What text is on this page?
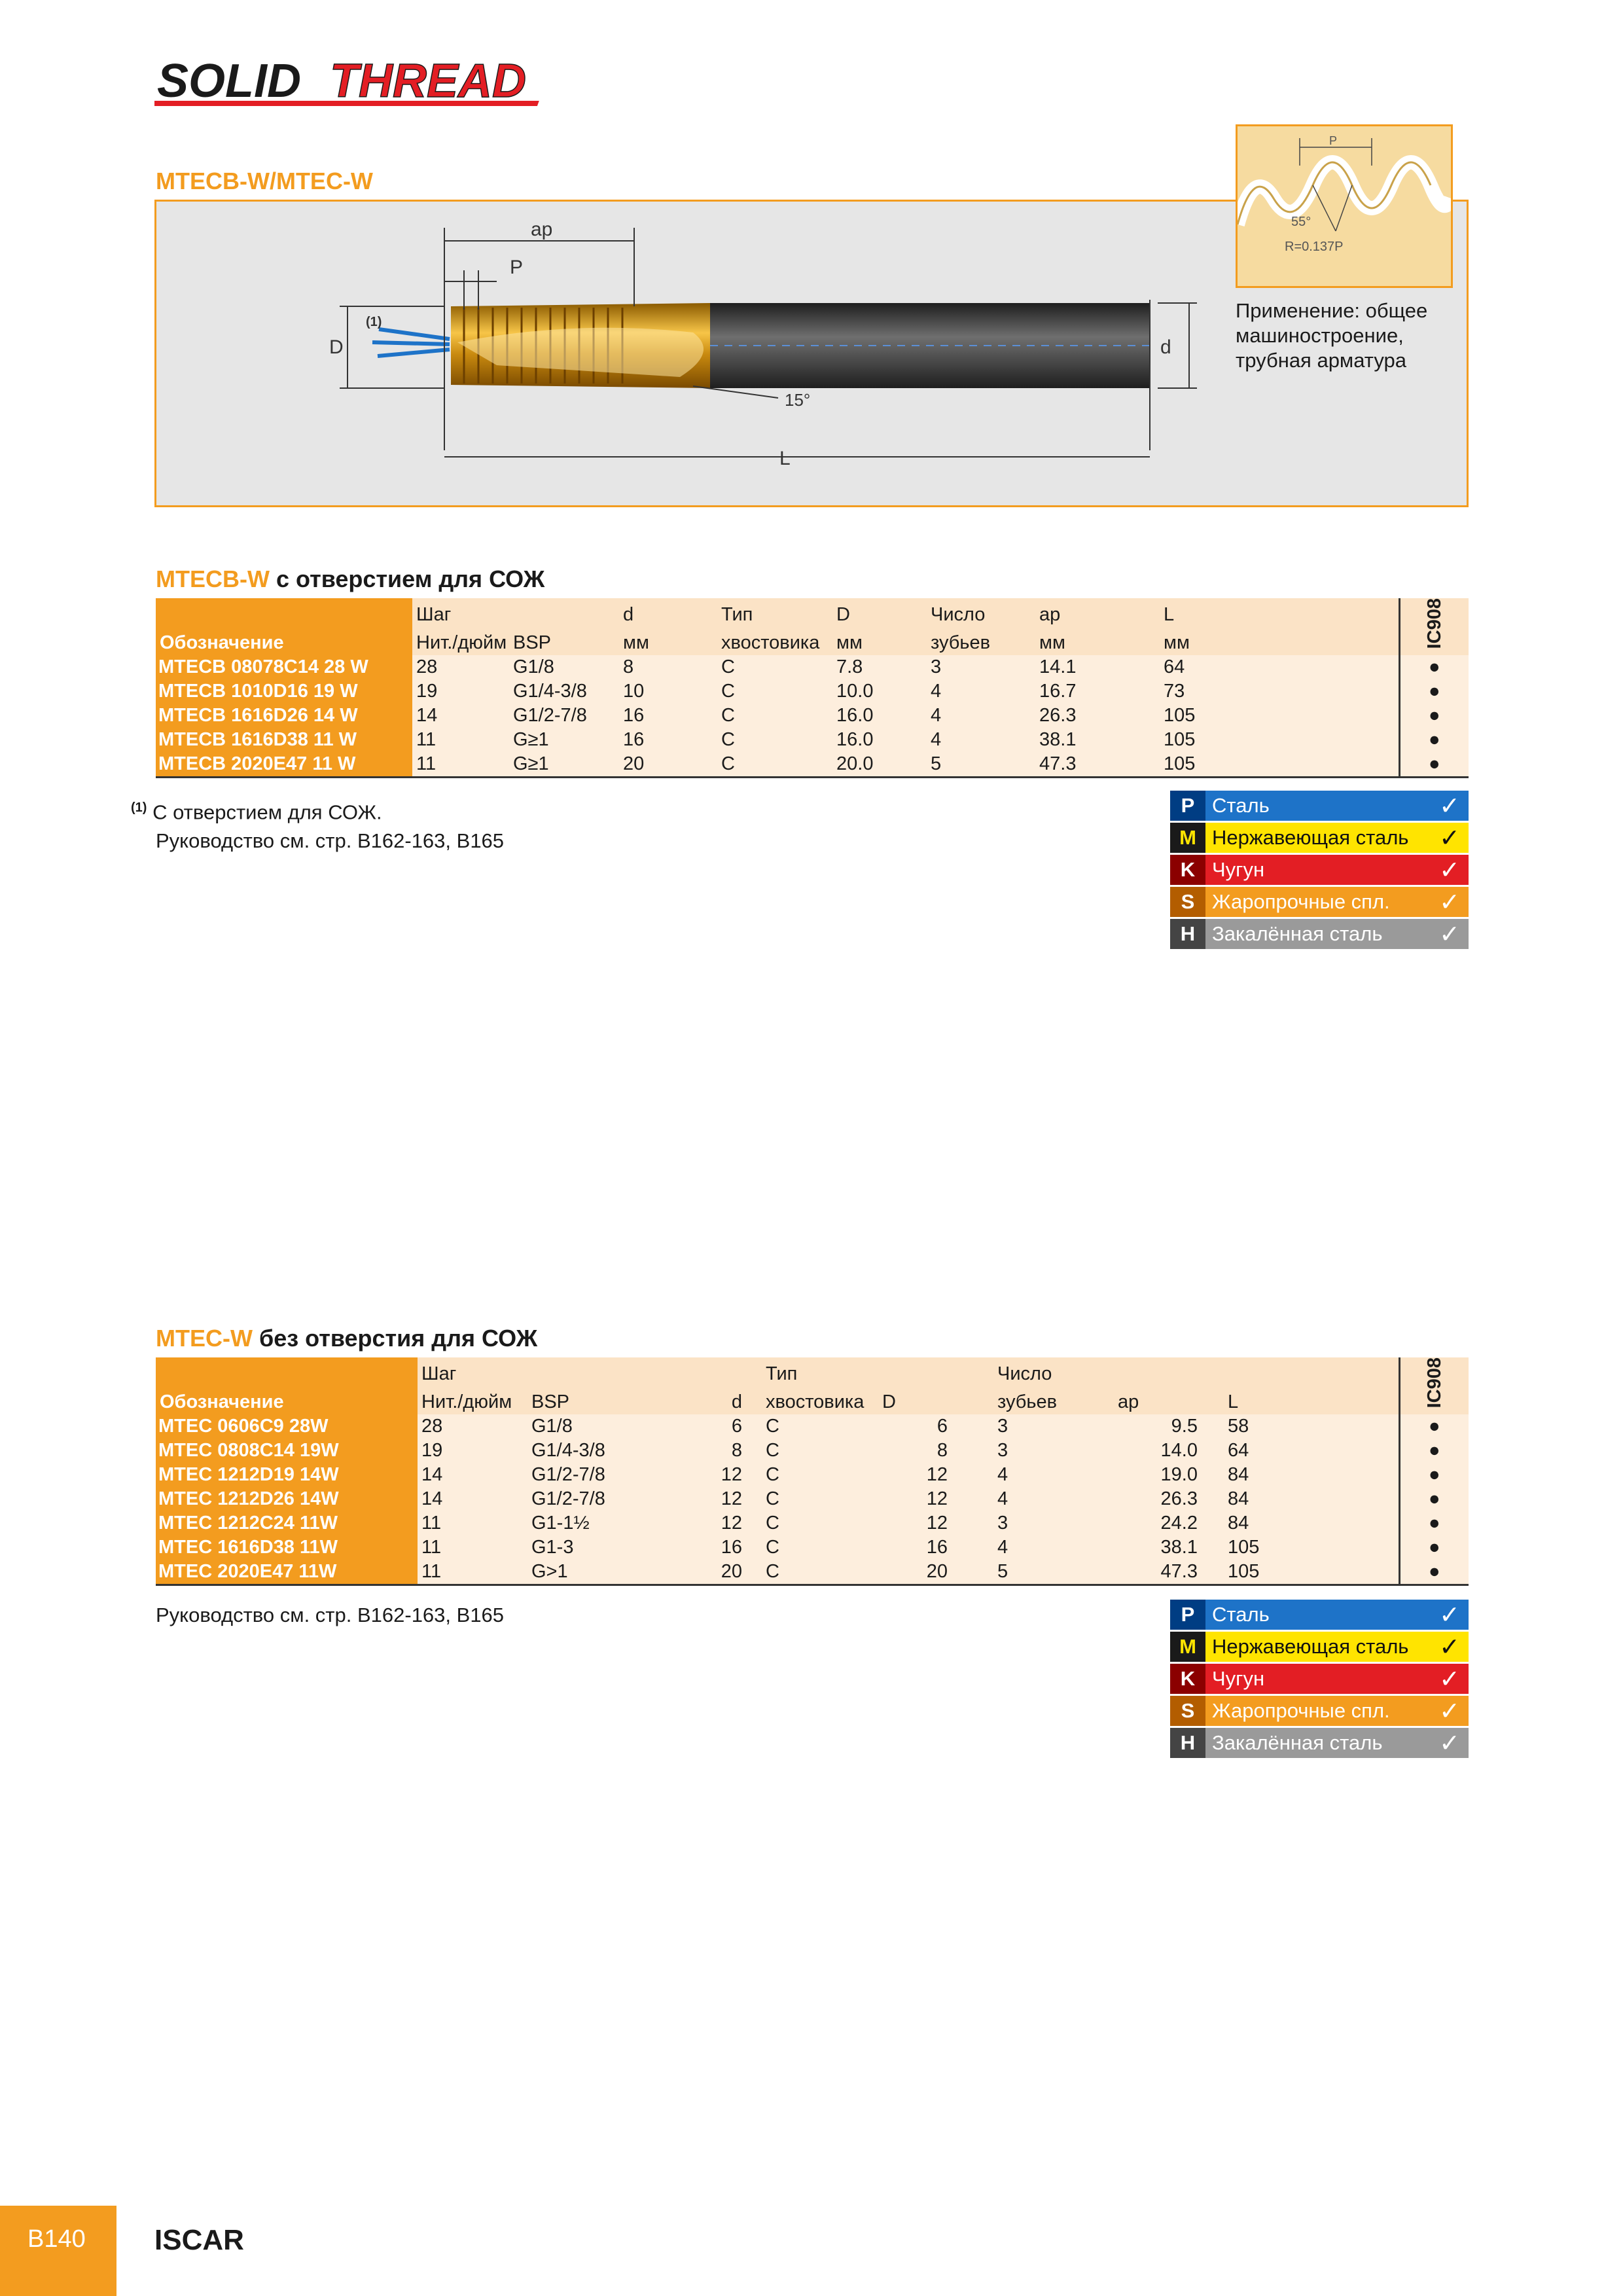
SOLID THREAD
MTECB-W/MTEC-W
ap
P
D	d
L
(1)
15°
P
55°
R=0.137P
Применение: общее
машиностроение,
трубная арматура
MTECB-W с отверстием для СОЖ
	Шаг		d	Тип	D	Число	ap	L	IC908
Обозначение	Нит./дюйм	BSP	мм	хвостовика	мм	зубьев	мм	мм	
MTECB 08078C14 28 W	28	G1/8	8	C	7.8	3	14.1	64	●
MTECB 1010D16 19 W	19	G1/4-3/8	10	C	10.0	4	16.7	73	●
MTECB 1616D26 14 W	14	G1/2-7/8	16	C	16.0	4	26.3	105	●
MTECB 1616D38 11 W	11	G≥1	16	C	16.0	4	38.1	105	●
MTECB 2020E47 11 W	11	G≥1	20	C	20.0	5	47.3	105	●
$^{(1)}$ С отверстием для СОЖ.
Руководство см. стр. B162-163, B165
P Сталь	✓
M Нержавеющая сталь	✓
K Чугун	✓
S Жаропрочные спл.	✓
H Закалённая сталь	✓
MTEC-W без отверстия для СОЖ
	Шаг			Тип		Число			IC908
Обозначение	Нит./дюйм	BSP	d	хвостовика	D	зубьев	ap	L	
MTEC 0606C9 28W	28	G1/8	6	C	6	3	9.5	58	●
MTEC 0808C14 19W	19	G1/4-3/8	8	C	8	3	14.0	64	●
MTEC 1212D19 14W	14	G1/2-7/8	12	C	12	4	19.0	84	●
MTEC 1212D26 14W	14	G1/2-7/8	12	C	12	4	26.3	84	●
MTEC 1212C24 11W	11	G1-1½	12	C	12	3	24.2	84	●
MTEC 1616D38 11W	11	G1-3	16	C	16	4	38.1	105	●
MTEC 2020E47 11W	11	G>1	20	C	20	5	47.3	105	●
Руководство см. стр. B162-163, B165	P Сталь	✓
M Нержавеющая сталь	✓
K Чугун	✓
S Жаропрочные спл.	✓
H Закалённая сталь	✓
B140 ISCAR
